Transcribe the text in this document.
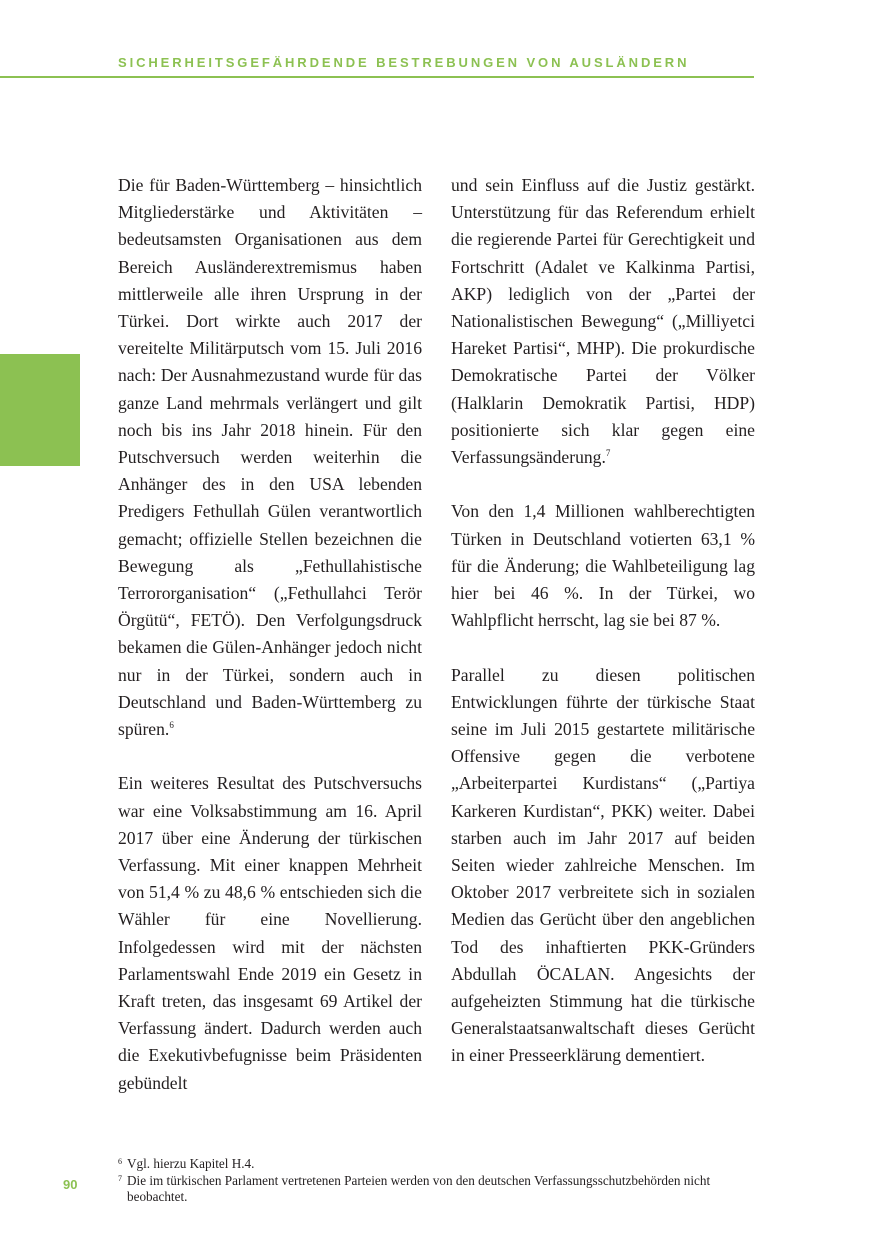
SICHERHEITSGEFÄHRDENDE BESTREBUNGEN VON AUSLÄNDERN

Die für Baden-Württemberg – hinsichtlich Mitgliederstärke und Aktivitäten – bedeutsamsten Organisationen aus dem Bereich Ausländerextremismus haben mittlerweile alle ihren Ursprung in der Türkei. Dort wirkte auch 2017 der vereitelte Militärputsch vom 15. Juli 2016 nach: Der Ausnahmezustand wurde für das ganze Land mehrmals verlängert und gilt noch bis ins Jahr 2018 hinein. Für den Putschversuch werden weiterhin die Anhänger des in den USA lebenden Predigers Fethullah Gülen verantwortlich gemacht; offizielle Stellen bezeichnen die Bewegung als „Fethullahistische Terrororganisation“ („Fethullahci Terör Örgütü“, FETÖ). Den Verfolgungsdruck bekamen die Gülen-Anhänger jedoch nicht nur in der Türkei, sondern auch in Deutschland und Baden-Württemberg zu spüren.$^6$

Ein weiteres Resultat des Putschversuchs war eine Volksabstimmung am 16. April 2017 über eine Änderung der türkischen Verfassung. Mit einer knappen Mehrheit von 51,4 % zu 48,6 % entschieden sich die Wähler für eine Novellierung. Infolgedessen wird mit der nächsten Parlamentswahl Ende 2019 ein Gesetz in Kraft treten, das insgesamt 69 Artikel der Verfassung ändert. Dadurch werden auch die Exekutivbefugnisse beim Präsidenten gebündelt

und sein Einfluss auf die Justiz gestärkt. Unterstützung für das Referendum erhielt die regierende Partei für Gerechtigkeit und Fortschritt (Adalet ve Kalkinma Partisi, AKP) lediglich von der „Partei der Nationalistischen Bewegung“ („Milliyetci Hareket Partisi“, MHP). Die prokurdische Demokratische Partei der Völker (Halklarin Demokratik Partisi, HDP) positionierte sich klar gegen eine Verfassungsänderung.$^7$

Von den 1,4 Millionen wahlberechtigten Türken in Deutschland votierten 63,1 % für die Änderung; die Wahlbeteiligung lag hier bei 46 %. In der Türkei, wo Wahlpflicht herrscht, lag sie bei 87 %.

Parallel zu diesen politischen Entwicklungen führte der türkische Staat seine im Juli 2015 gestartete militärische Offensive gegen die verbotene „Arbeiterpartei Kurdistans“ („Partiya Karkeren Kurdistan“, PKK) weiter. Dabei starben auch im Jahr 2017 auf beiden Seiten wieder zahlreiche Menschen. Im Oktober 2017 verbreitete sich in sozialen Medien das Gerücht über den angeblichen Tod des inhaftierten PKK-Gründers Abdullah ÖCALAN. Angesichts der aufgeheizten Stimmung hat die türkische Generalstaatsanwaltschaft dieses Gerücht in einer Presseerklärung dementiert.

6 Vgl. hierzu Kapitel H.4.
7 Die im türkischen Parlament vertretenen Parteien werden von den deutschen Verfassungsschutzbehörden nicht beobachtet.
90
